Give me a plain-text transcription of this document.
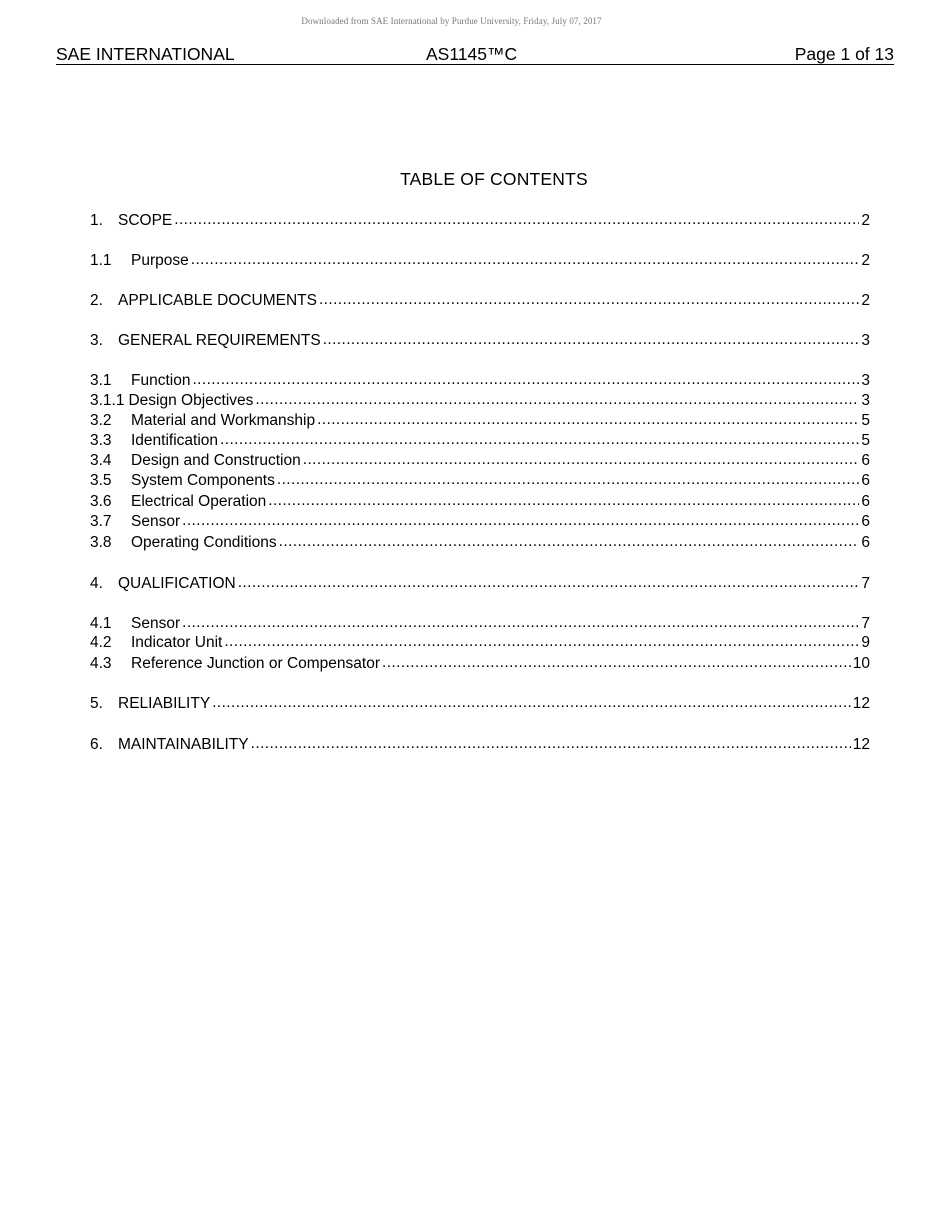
Downloaded from SAE International by Purdue University, Friday, July 07, 2017
SAE INTERNATIONAL	AS1145™C	Page 1 of 13
TABLE OF CONTENTS
1. SCOPE .....	2
1.1	Purpose .....	2
2. APPLICABLE DOCUMENTS .....	2
3. GENERAL REQUIREMENTS .....	3
3.1	Function .....	3
3.1.1 Design Objectives .....	3
3.2	Material and Workmanship .....	5
3.3	Identification .....	5
3.4	Design and Construction .....	6
3.5	System Components .....	6
3.6	Electrical Operation .....	6
3.7	Sensor .....	6
3.8	Operating Conditions .....	6
4. QUALIFICATION .....	7
4.1	Sensor .....	7
4.2	Indicator Unit .....	9
4.3	Reference Junction or Compensator .....	10
5. RELIABILITY .....	12
6. MAINTAINABILITY .....	12
